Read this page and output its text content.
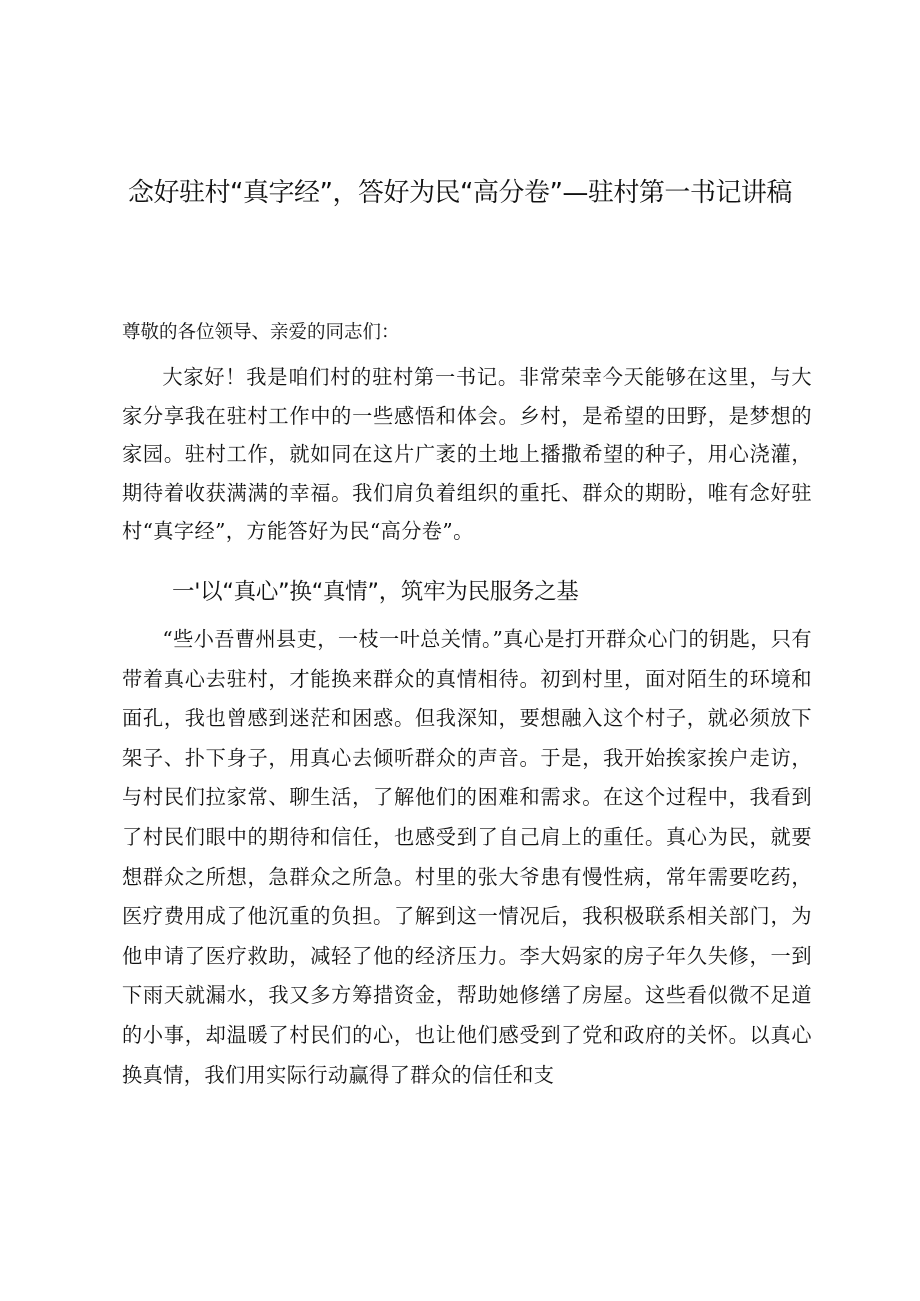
念好驻村“真字经”，答好为民“高分卷”—驻村第一书记讲稿

尊敬的各位领导、亲爱的同志们：

大家好！我是咱们村的驻村第一书记。非常荣幸今天能够在这里，与大家分享我在驻村工作中的一些感悟和体会。乡村，是希望的田野，是梦想的家园。驻村工作，就如同在这片广袤的土地上播撒希望的种子，用心浇灌，期待着收获满满的幸福。我们肩负着组织的重托、群众的期盼，唯有念好驻村“真字经”，方能答好为民“高分卷”。

一'以“真心”换“真情”，筑牢为民服务之基

“些小吾曹州县吏，一枝一叶总关情。”真心是打开群众心门的钥匙，只有带着真心去驻村，才能换来群众的真情相待。初到村里，面对陌生的环境和面孔，我也曾感到迷茫和困惑。但我深知，要想融入这个村子，就必须放下架子、扑下身子，用真心去倾听群众的声音。于是，我开始挨家挨户走访，与村民们拉家常、聊生活，了解他们的困难和需求。在这个过程中，我看到了村民们眼中的期待和信任，也感受到了自己肩上的重任。真心为民，就要想群众之所想，急群众之所急。村里的张大爷患有慢性病，常年需要吃药，医疗费用成了他沉重的负担。了解到这一情况后，我积极联系相关部门，为他申请了医疗救助，减轻了他的经济压力。李大妈家的房子年久失修，一到下雨天就漏水，我又多方筹措资金，帮助她修缮了房屋。这些看似微不足道的小事，却温暖了村民们的心，也让他们感受到了党和政府的关怀。以真心换真情，我们用实际行动赢得了群众的信任和支
